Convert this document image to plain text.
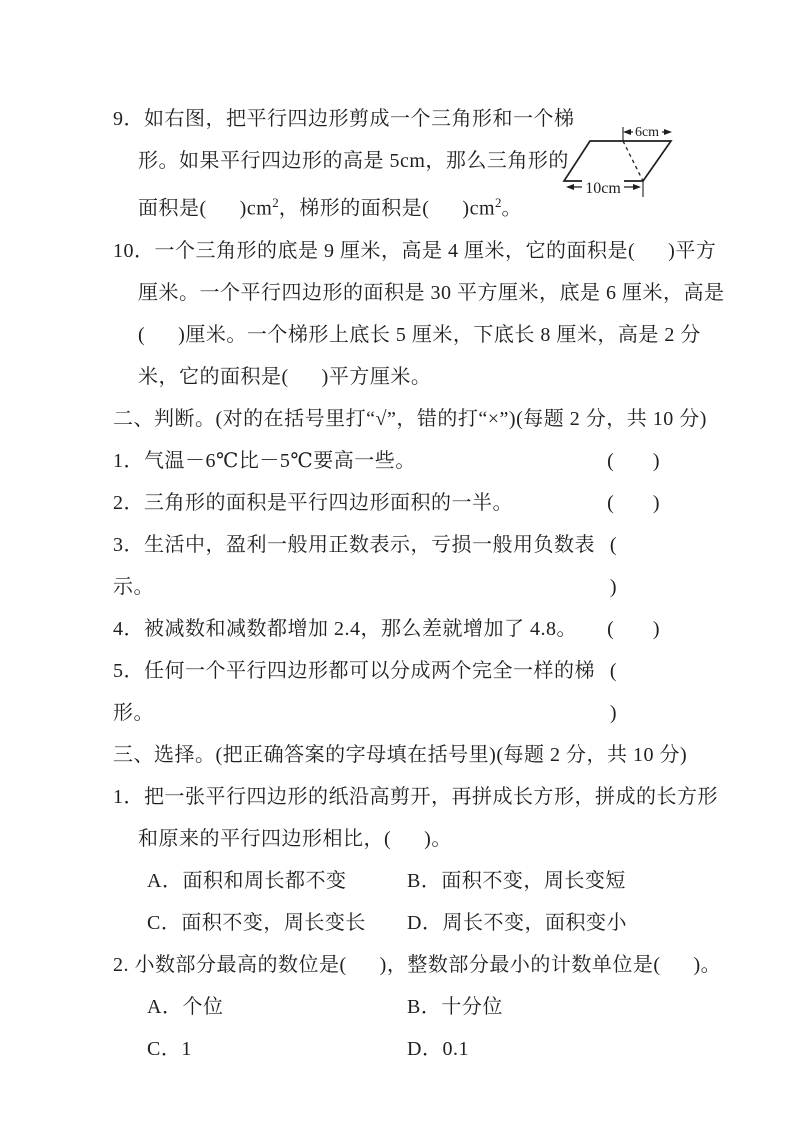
9．如右图，把平行四边形剪成一个三角形和一个梯
形。如果平行四边形的高是 5cm，那么三角形的
面积是(      )$cm^2$，梯形的面积是(      )$cm^2$。
10．一个三角形的底是 9 厘米，高是 4 厘米，它的面积是(      )平方
厘米。一个平行四边形的面积是 30 平方厘米，底是 6 厘米，高是
(      )厘米。一个梯形上底长 5 厘米，下底长 8 厘米，高是 2 分
米，它的面积是(      )平方厘米。
二、判断。(对的在括号里打“√”，错的打“×”)(每题 2 分，共 10 分)
1．气温－6℃比－5℃要高一些。	(       )
2．三角形的面积是平行四边形面积的一半。	(       )
3．生活中，盈利一般用正数表示，亏损一般用负数表示。
(       )
4．被减数和减数都增加 2.4，那么差就增加了 4.8。 (       )
5．任何一个平行四边形都可以分成两个完全一样的梯形。
(       )
三、选择。(把正确答案的字母填在括号里)(每题 2 分，共 10 分)
1．把一张平行四边形的纸沿高剪开，再拼成长方形，拼成的长方形
和原来的平行四边形相比，(      )。
A．面积和周长都不变	B．面积不变，周长变短
C．面积不变，周长变长 D．周长不变，面积变小
2. 小数部分最高的数位是(      )，整数部分最小的计数单位是(      )。
A．个位	B．十分位
C．1	D．0.1
6cm
10cm
